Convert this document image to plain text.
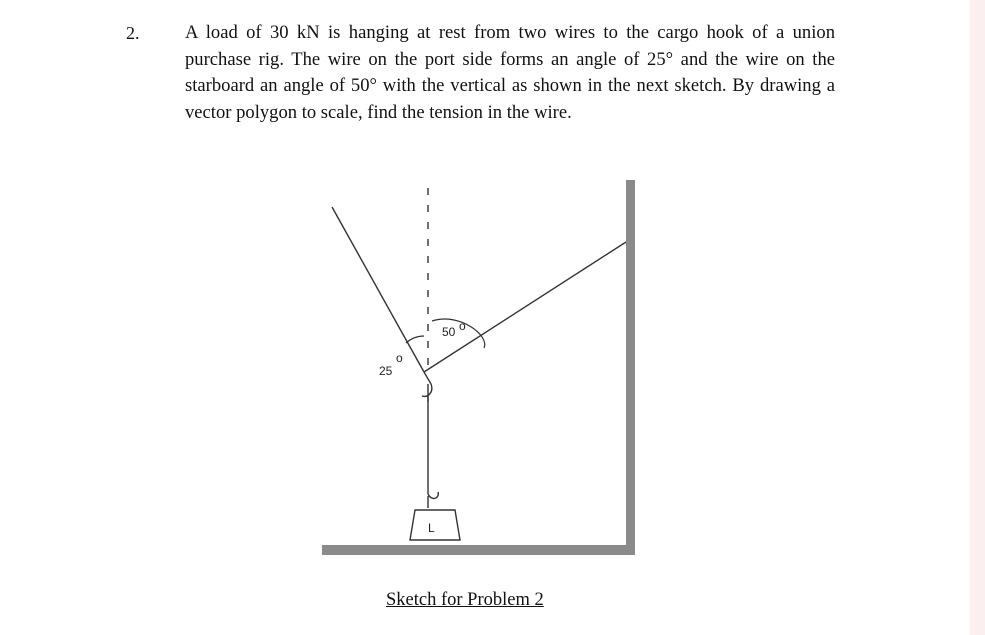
2. A load of 30 kN is hanging at rest from two wires to the cargo hook of a union purchase rig. The wire on the port side forms an angle of 25° and the wire on the starboard an angle of 50° with the vertical as shown in the next sketch. By drawing a vector polygon to scale, find the tension in the wire.
25
o
50 o
L
Sketch for Problem 2
